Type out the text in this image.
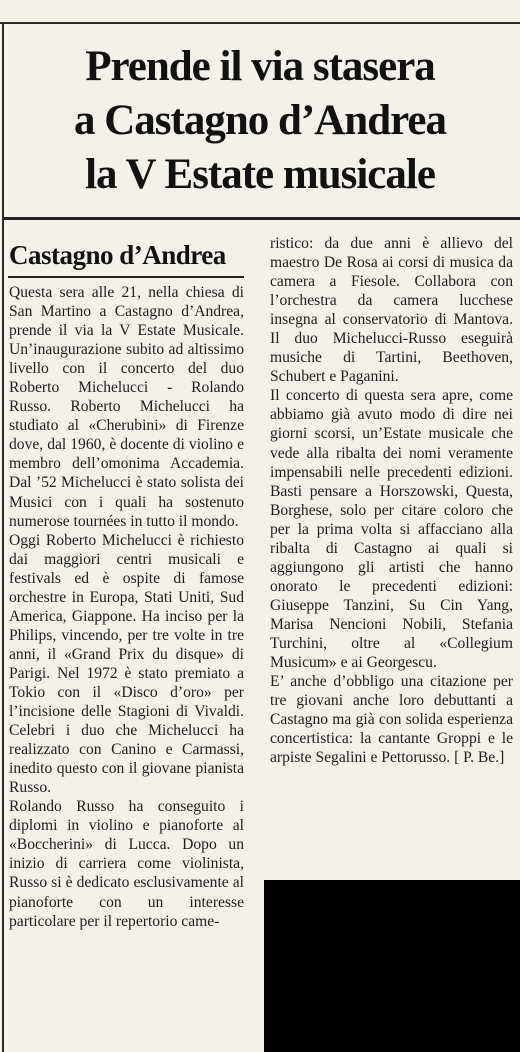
Prende il via stasera
a Castagno d’Andrea
la V Estate musicale
Castagno d’Andrea

Questa sera alle 21, nella chiesa di San Martino a Castagno d’Andrea, prende il via la V Estate Musicale. Un’inaugurazione subito ad altissimo livello con il concerto del duo Roberto Michelucci - Rolando Russo. Roberto Michelucci ha studiato al «Cherubini» di Firenze dove, dal 1960, è docente di violino e membro dell’omonima Accademia. Dal ’52 Michelucci è stato solista dei Musici con i quali ha sostenuto numerose tournées in tutto il mondo.

Oggi Roberto Michelucci è richiesto dai maggiori centri musicali e festivals ed è ospite di famose orchestre in Europa, Stati Uniti, Sud America, Giappone. Ha inciso per la Philips, vincendo, per tre volte in tre anni, il «Grand Prix du disque» di Parigi. Nel 1972 è stato premiato a Tokio con il «Disco d’oro» per l’incisione delle Stagioni di Vivaldi. Celebri i duo che Michelucci ha realizzato con Canino e Carmassi, inedito questo con il giovane pianista Russo.

Rolando Russo ha conseguito i diplomi in violino e pianoforte al «Boccherini» di Lucca. Dopo un inizio di carriera come violinista, Russo si è dedicato esclusivamente al pianoforte con un interesse particolare per il repertorio came-

ristico: da due anni è allievo del maestro De Rosa ai corsi di musica da camera a Fiesole. Collabora con l’orchestra da camera lucchese insegna al conservatorio di Mantova. Il duo Michelucci-Russo eseguirà musiche di Tartini, Beethoven, Schubert e Paganini.

Il concerto di questa sera apre, come abbiamo già avuto modo di dire nei giorni scorsi, un’Estate musicale che vede alla ribalta dei nomi veramente impensabili nelle precedenti edizioni. Basti pensare a Horszowski, Questa, Borghese, solo per citare coloro che per la prima volta si affacciano alla ribalta di Castagno ai quali si aggiungono gli artisti che hanno onorato le precedenti edizioni: Giuseppe Tanzini, Su Cin Yang, Marisa Nencioni Nobili, Stefania Turchini, oltre al «Collegium Musicum» e ai Georgescu.

E’ anche d’obbligo una citazione per tre giovani anche loro debuttanti a Castagno ma già con solida esperienza concertistica: la cantante Groppi e le arpiste Segalini e Pettorusso. [ P. Be.]
